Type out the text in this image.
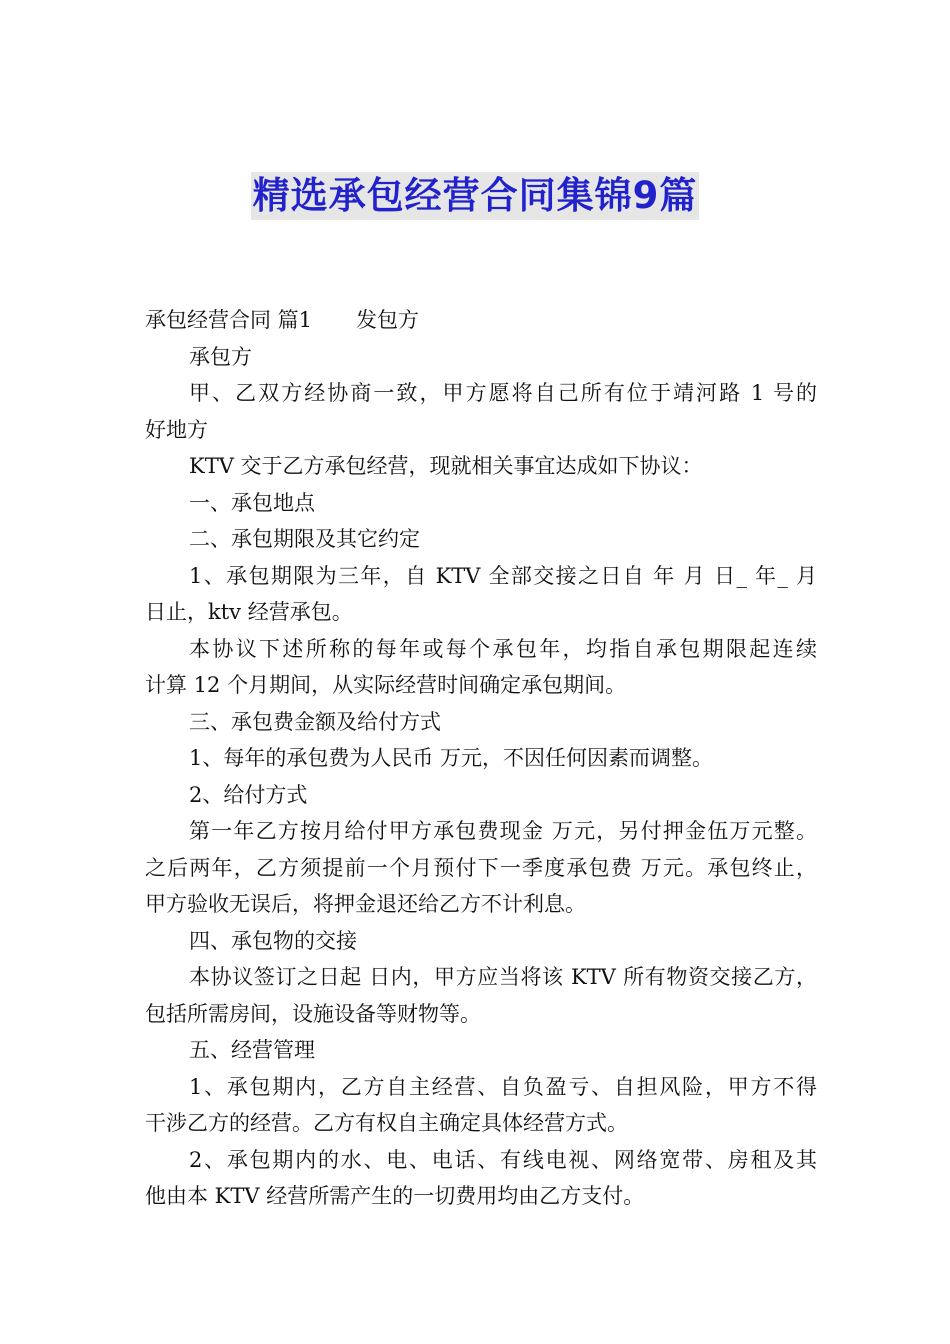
精选承包经营合同集锦9篇
承包经营合同 篇1 发包方
承包方
甲、乙双方经协商一致，甲方愿将自己所有位于靖河路 1 号的
好地方
KTV 交于乙方承包经营，现就相关事宜达成如下协议：
一、承包地点
二、承包期限及其它约定
1、承包期限为三年，自 KTV 全部交接之日自 年 月 日_ 年_ 月
日止，ktv 经营承包。
本协议下述所称的每年或每个承包年，均指自承包期限起连续
计算 12 个月期间，从实际经营时间确定承包期间。
三、承包费金额及给付方式
1、每年的承包费为人民币 万元，不因任何因素而调整。
2、给付方式
第一年乙方按月给付甲方承包费现金 万元，另付押金伍万元整。
之后两年，乙方须提前一个月预付下一季度承包费 万元。承包终止，
甲方验收无误后，将押金退还给乙方不计利息。
四、承包物的交接
本协议签订之日起 日内，甲方应当将该 KTV 所有物资交接乙方，
包括所需房间，设施设备等财物等。
五、经营管理
1、承包期内，乙方自主经营、自负盈亏、自担风险，甲方不得
干涉乙方的经营。乙方有权自主确定具体经营方式。
2、承包期内的水、电、电话、有线电视、网络宽带、房租及其
他由本 KTV 经营所需产生的一切费用均由乙方支付。
